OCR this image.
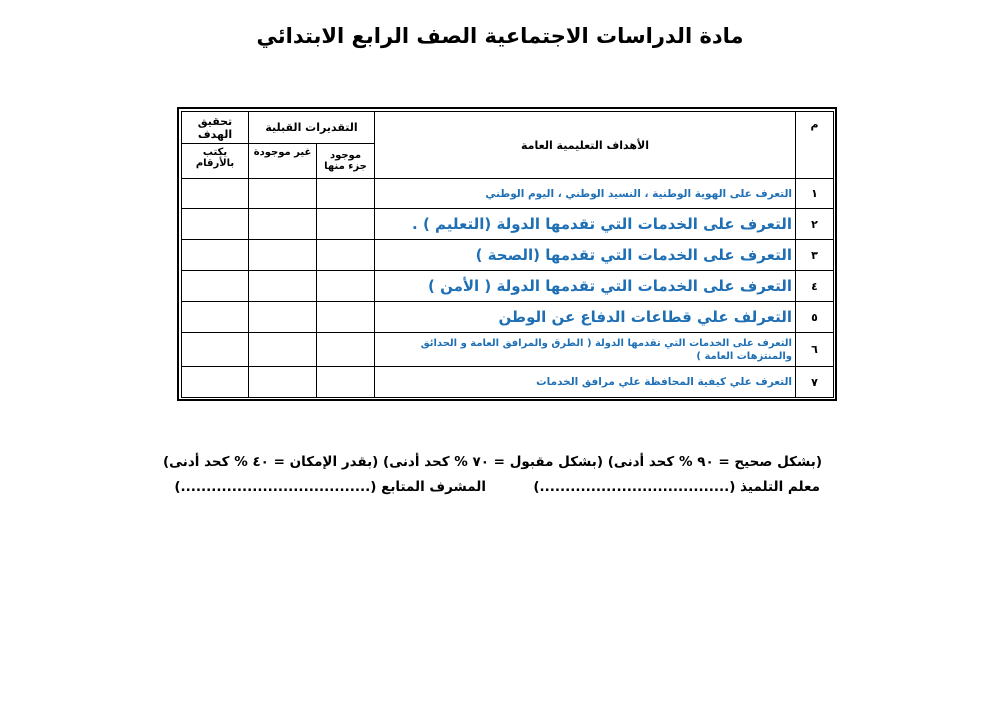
مادة الدراسات الاجتماعية الصف الرابع الابتدائي
م	الأهداف التعليمية العامة	التقديرات القبلية		تحقيق الهدف
		موجود جزء منها	غير موجودة	يكتب بالأرقام
١	التعرف على الهوية الوطنية ، النسيد الوطني ، اليوم الوطني			
٢	التعرف على الخدمات التي تقدمها الدولة (التعليم ) .			
٣	التعرف على الخدمات التي تقدمها (الصحة )			
٤	التعرف على الخدمات التي تقدمها الدولة ( الأمن )			
٥	التعرلف علي قطاعات الدفاع عن الوطن			
٦	التعرف على الخدمات التي تقدمها الدولة ( الطرق والمرافق العامة و الحدائق والمنتزهات العامة )			
٧	التعرف علي كيفية المحافظة علي مرافق الخدمات			
(بشكل صحيح = ٩٠ % كحد أدنى) (بشكل مقبول = ٧٠ % كحد أدنى) (بقدر الإمكان = ٤٠ % كحد أدنى)
معلم التلميذ (.....................................)
المشرف المتابع (.....................................)
